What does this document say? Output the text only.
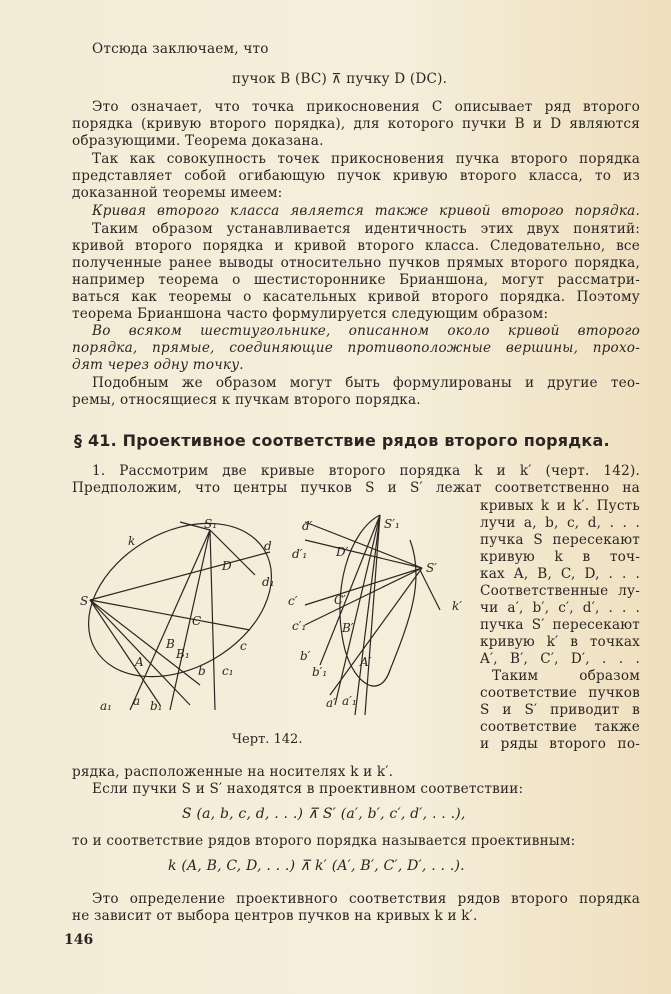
Отсюда заключаем, что
пучок B (BC) ⊼ пучку D (DC).
Это означает, что точка прикосновения C описывает ряд второго
порядка (кривую второго порядка), для которого пучки B и D являются
образующими. Теорема доказана.
Так как совокупность точек прикосновения пучка второго порядка
представляет собой огибающую пучок кривую второго класса, то из
доказанной теоремы имеем:
Кривая второго класса является также кривой второго порядка.
Таким образом устанавливается идентичность этих двух понятий:
кривой второго порядка и кривой второго класса. Следовательно, все
полученные ранее выводы относительно пучков прямых второго порядка,
например теорема о шестистороннике Брианшона, могут рассматри-
ваться как теоремы о касательных кривой второго порядка. Поэтому
теорема Брианшона часто формулируется следующим образом:
Во всяком шестиугольнике, описанном около кривой второго
порядка, прямые, соединяющие противоположные вершины, прохо-
дят через одну точку.
Подобным же образом могут быть формулированы и другие тео-
ремы, относящиеся к пучкам второго порядка.
§ 41. Проективное соответствие рядов второго порядка.
1. Рассмотрим две кривые второго порядка k и k′ (черт. 142).
Предположим, что центры пучков S и S′ лежат соответственно на
кривых k и k′. Пусть
лучи a, b, c, d, . . .
пучка S пересекают
кривую k в точ-
ках A, B, C, D, . . .
Соответственные лу-
чи a′, b′, c′, d′, . . .
пучка S′ пересекают
кривую k′ в точках
A′, B′, C′, D′, . . .
Таким образом
соответствие пучков
S и S′ приводит в
соответствие также
и ряды второго по-
k
S₁
d
D
d₁
S
C
c
B
B₁
A
a
a₁
b
b₁
c₁
d′
d′₁ D′
S′₁
S′
c′	C′
c′₁	B′
b′
b′₁
A′
a′ a′₁
k′
Черт. 142.
рядка, расположенные на носителях k и k′.
Если пучки S и S′ находятся в проективном соответствии:
S (a, b, c, d, . . .) ⊼ S′ (a′, b′, c′, d′, . . .),
то и соответствие рядов второго порядка называется проективным:
k (A, B, C, D, . . .) ⊼ k′ (A′, B′, C′, D′, . . .).
Это определение проективного соответствия рядов второго порядка
не зависит от выбора центров пучков на кривых k и k′.
146
